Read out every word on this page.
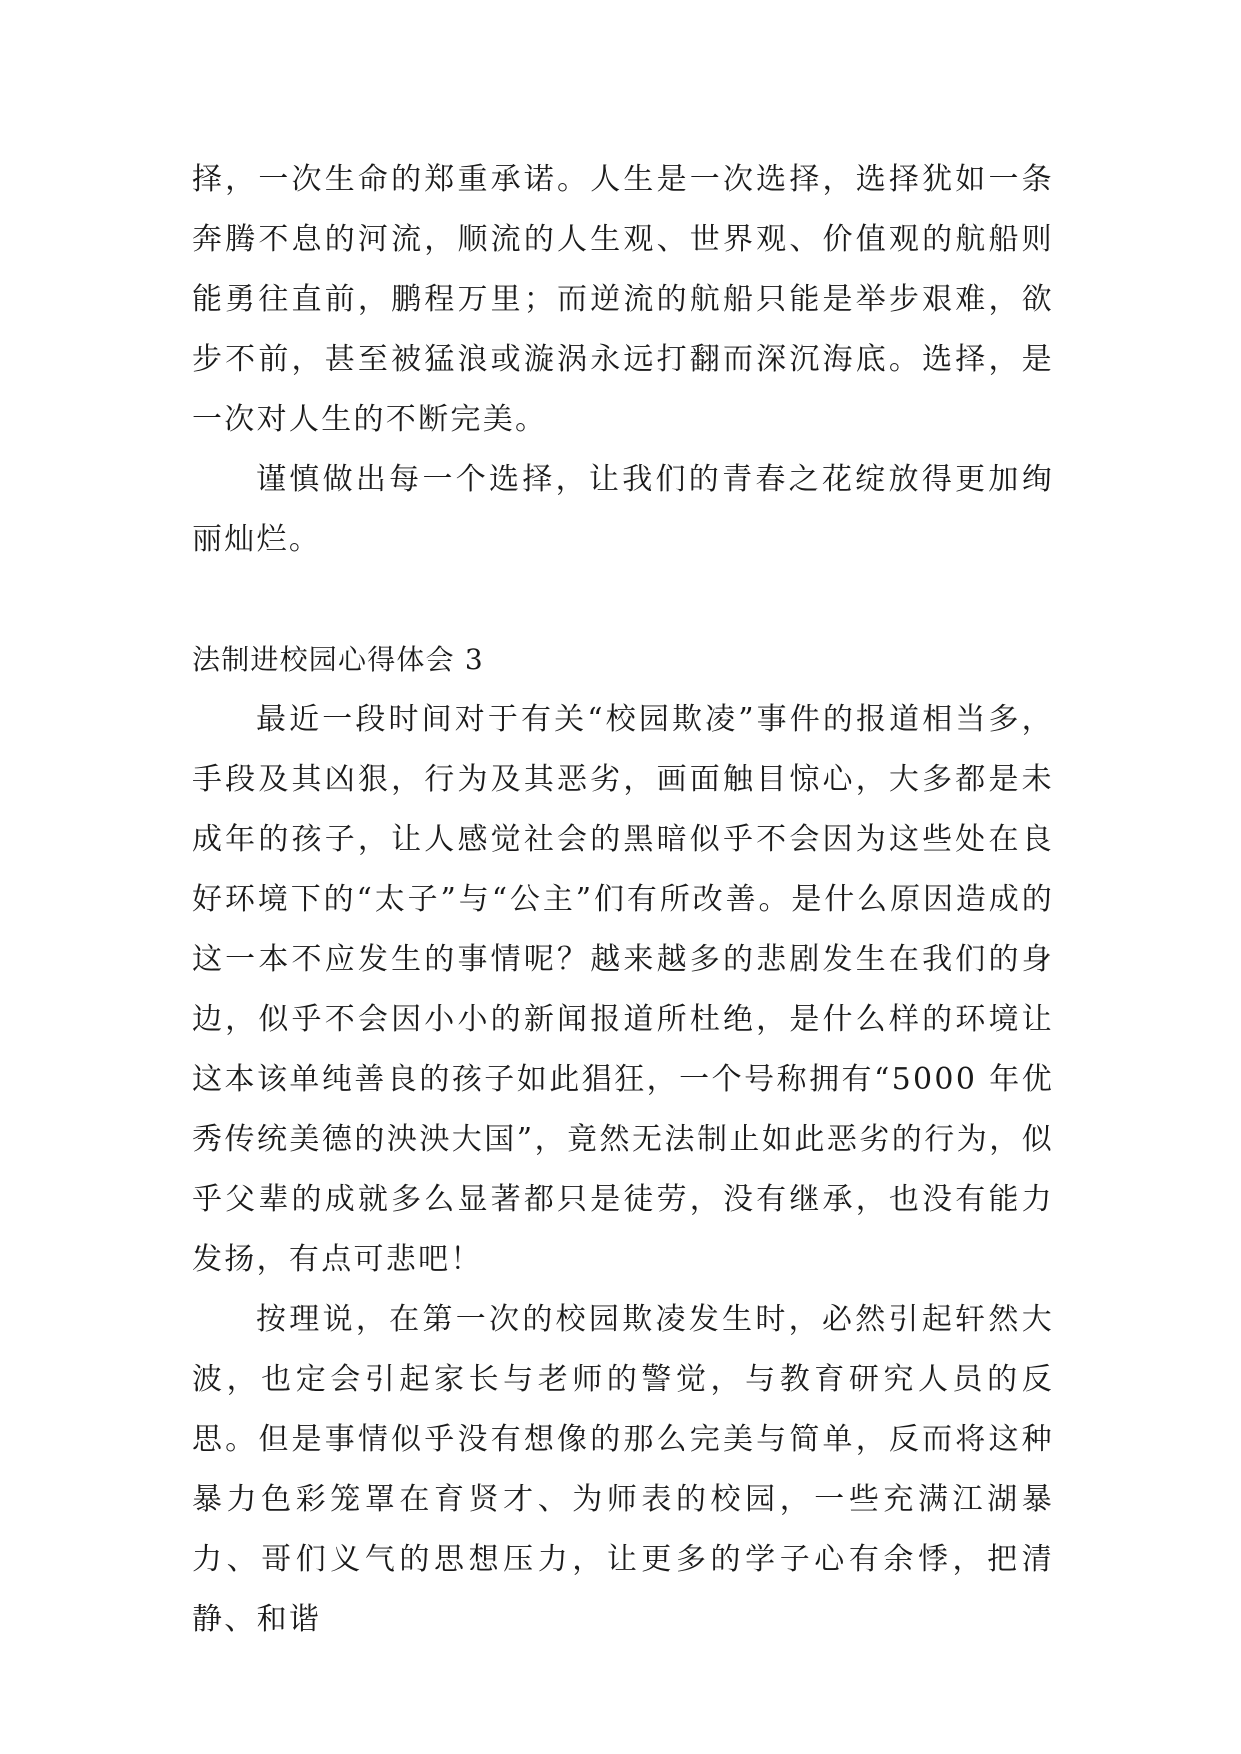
择，一次生命的郑重承诺。人生是一次选择，选择犹如一条奔腾不息的河流，顺流的人生观、世界观、价值观的航船则能勇往直前，鹏程万里；而逆流的航船只能是举步艰难，欲步不前，甚至被猛浪或漩涡永远打翻而深沉海底。选择，是一次对人生的不断完美。

谨慎做出每一个选择，让我们的青春之花绽放得更加绚丽灿烂。

法制进校园心得体会 3

最近一段时间对于有关“校园欺凌”事件的报道相当多，手段及其凶狠，行为及其恶劣，画面触目惊心，大多都是未成年的孩子，让人感觉社会的黑暗似乎不会因为这些处在良好环境下的“太子”与“公主”们有所改善。是什么原因造成的这一本不应发生的事情呢？越来越多的悲剧发生在我们的身边，似乎不会因小小的新闻报道所杜绝，是什么样的环境让这本该单纯善良的孩子如此猖狂，一个号称拥有“5000 年优秀传统美德的泱泱大国”，竟然无法制止如此恶劣的行为，似乎父辈的成就多么显著都只是徒劳，没有继承，也没有能力发扬，有点可悲吧！

按理说，在第一次的校园欺凌发生时，必然引起轩然大波，也定会引起家长与老师的警觉，与教育研究人员的反思。但是事情似乎没有想像的那么完美与简单，反而将这种暴力色彩笼罩在育贤才、为师表的校园，一些充满江湖暴力、哥们义气的思想压力，让更多的学子心有余悸，把清静、和谐
